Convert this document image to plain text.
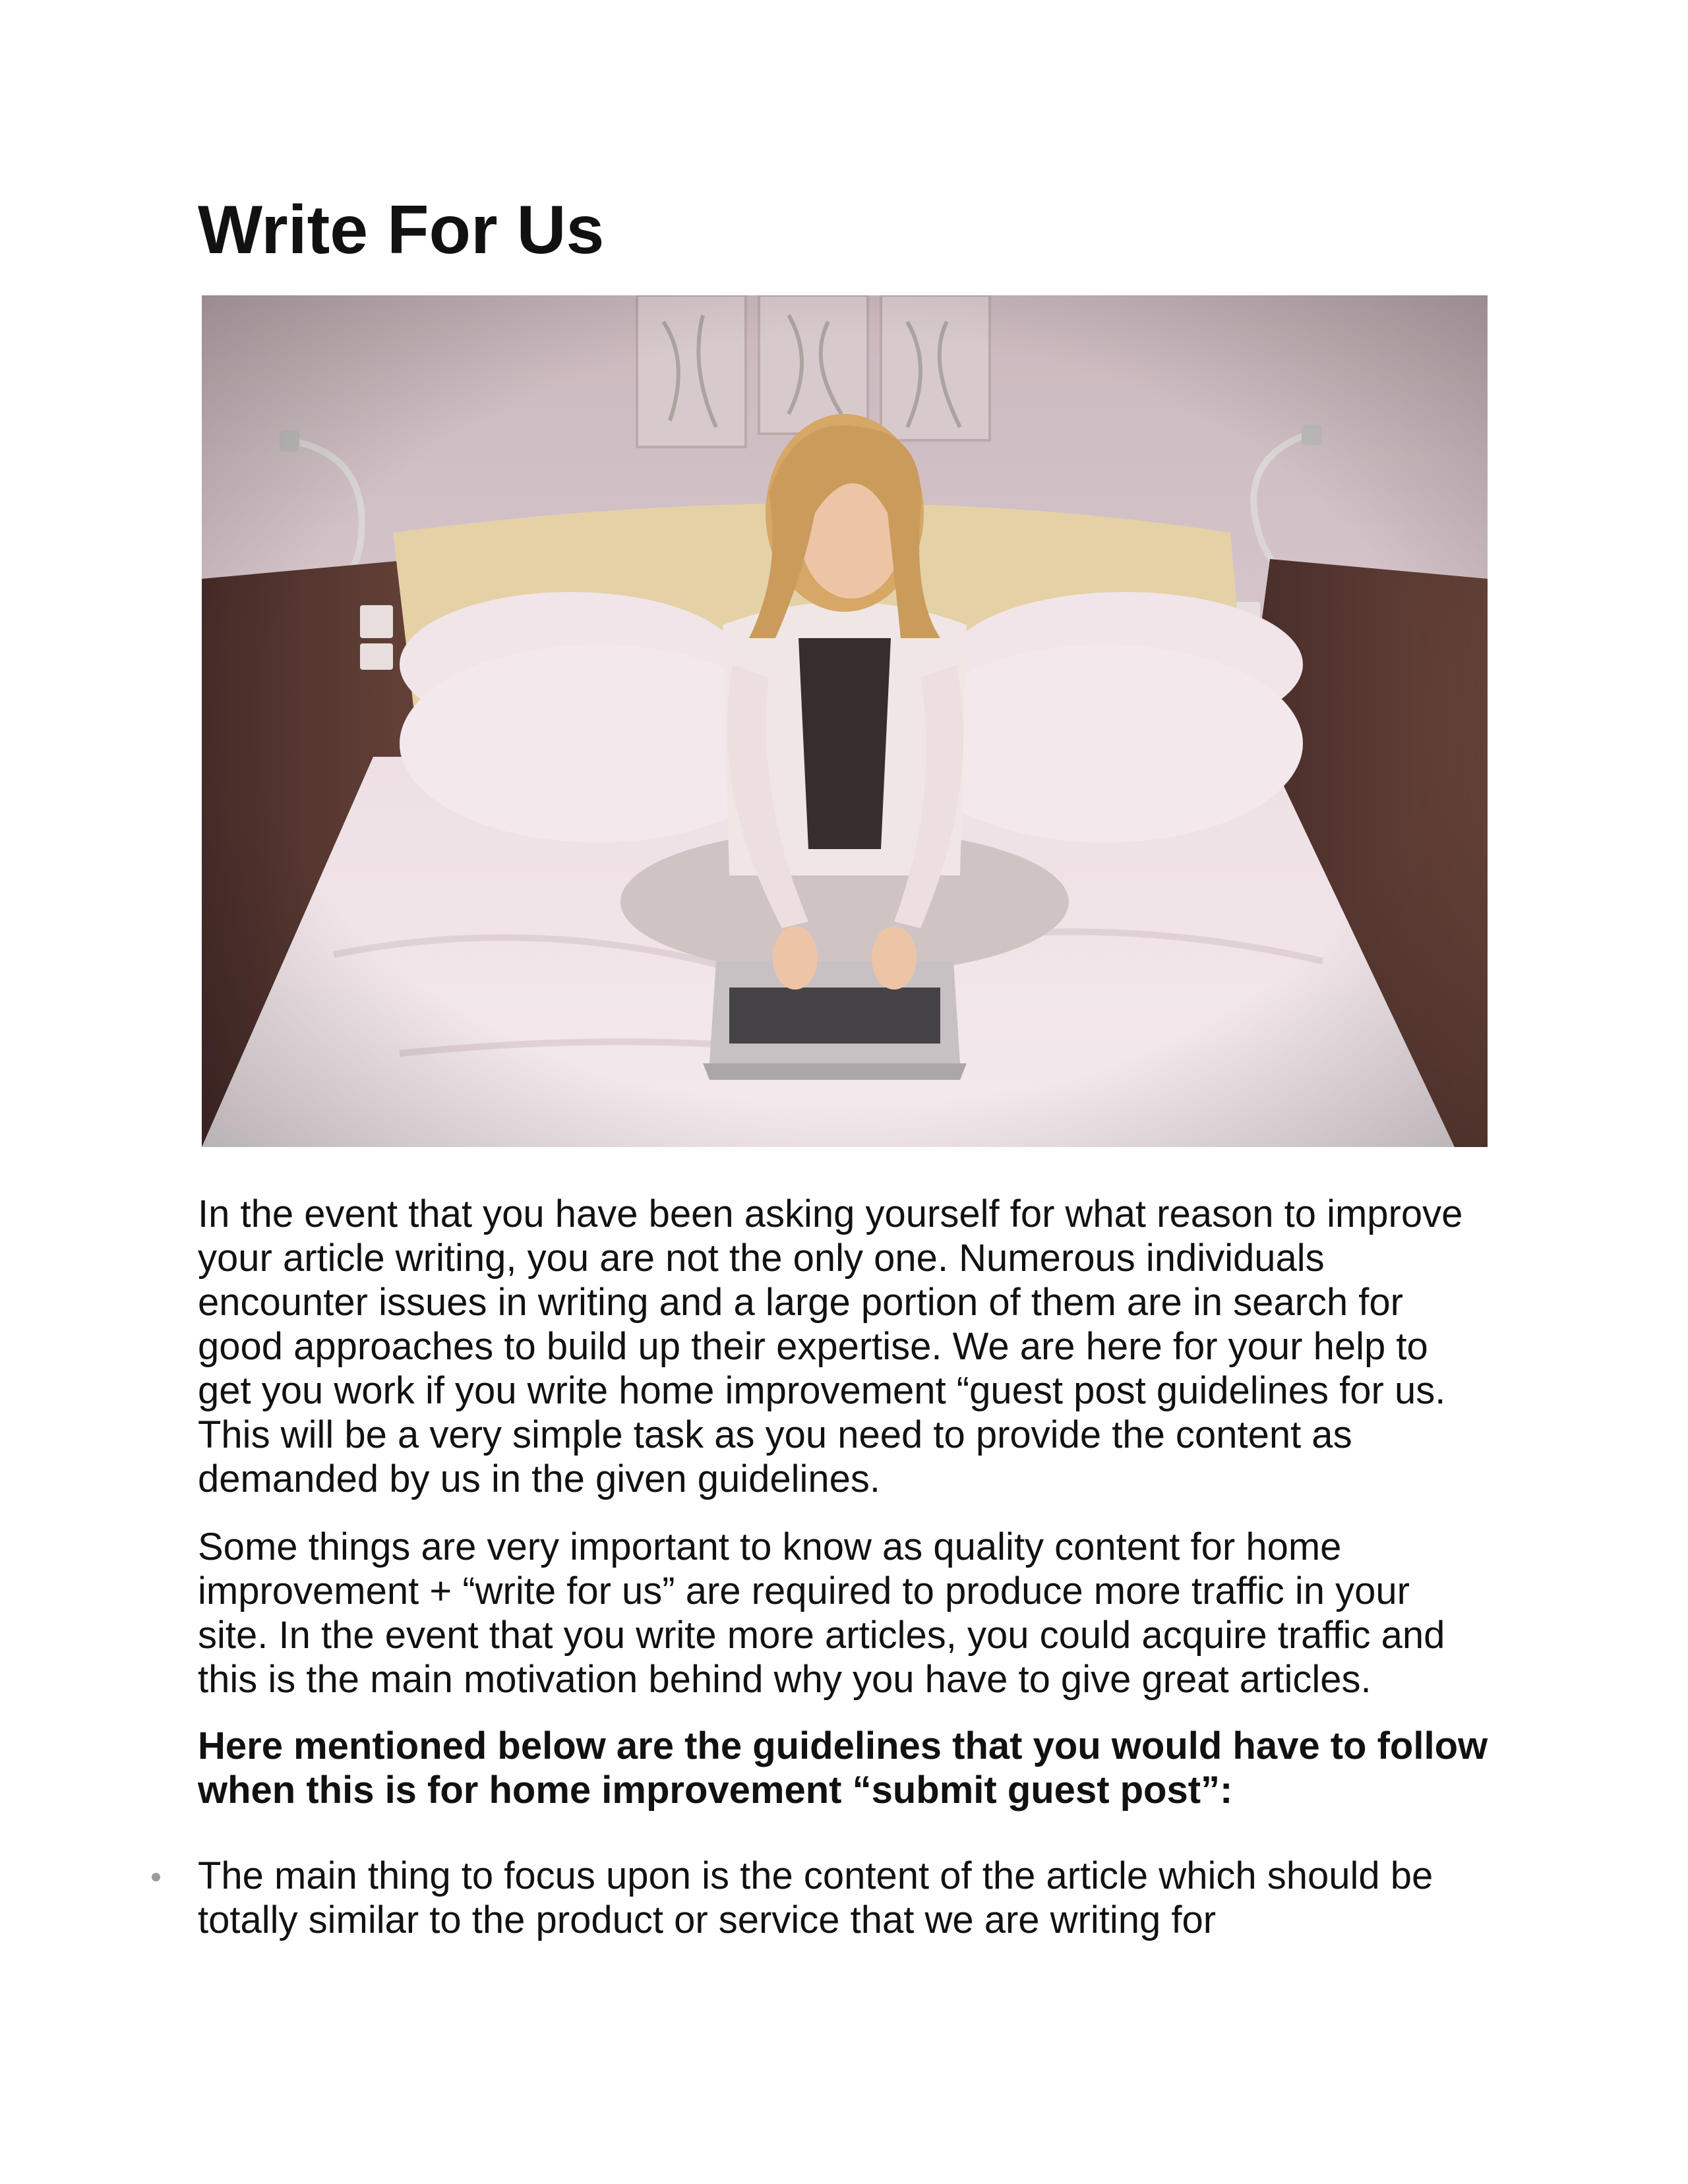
Write For Us

In the event that you have been asking yourself for what reason to improve your article writing, you are not the only one. Numerous individuals encounter issues in writing and a large portion of them are in search for good approaches to build up their expertise. We are here for your help to get you work if you write home improvement “guest post guidelines for us. This will be a very simple task as you need to provide the content as demanded by us in the given guidelines.

Some things are very important to know as quality content for home improvement + “write for us” are required to produce more traffic in your site. In the event that you write more articles, you could acquire traffic and this is the main motivation behind why you have to give great articles.

Here mentioned below are the guidelines that you would have to follow when this is for home improvement “submit guest post”:

The main thing to focus upon is the content of the article which should be totally similar to the product or service that we are writing for
